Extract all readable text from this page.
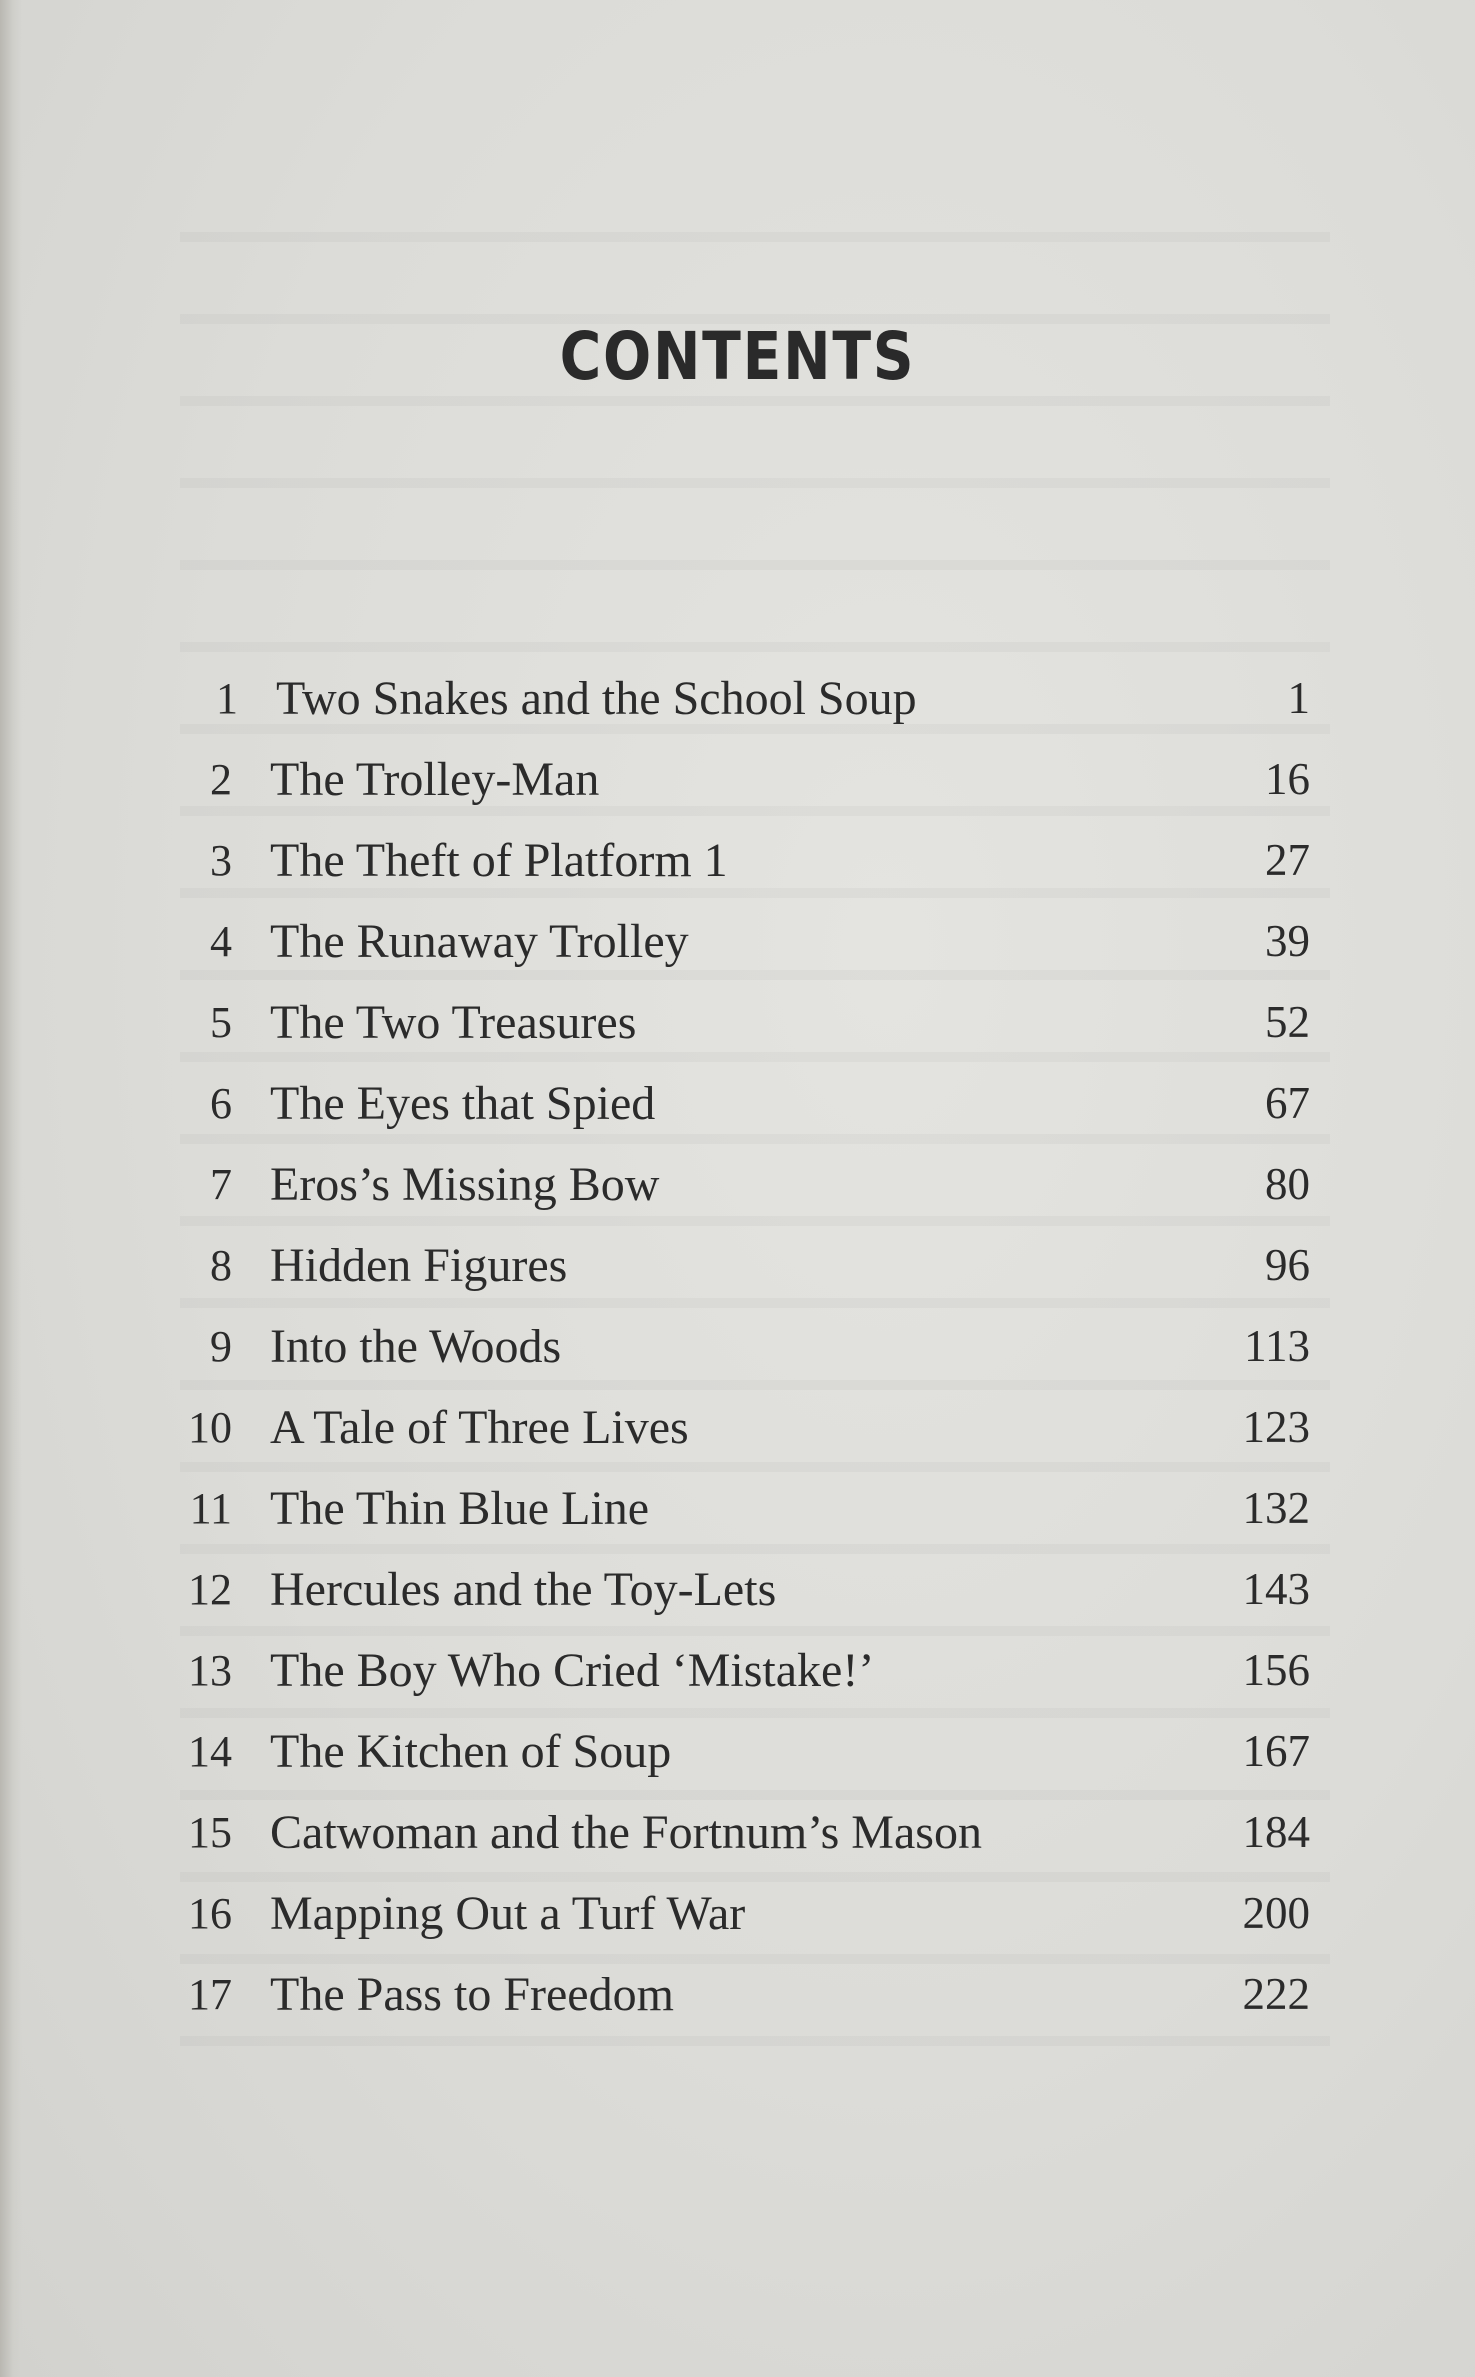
CONTENTS
1 Two Snakes and the School Soup	1
2 The Trolley-Man	16
3 The Theft of Platform 1	27
4 The Runaway Trolley	39
5 The Two Treasures	52
6 The Eyes that Spied	67
7 Eros’s Missing Bow	80
8 Hidden Figures	96
9 Into the Woods	113
10 A Tale of Three Lives	123
11 The Thin Blue Line	132
12 Hercules and the Toy-Lets	143
13 The Boy Who Cried ‘Mistake!’	156
14 The Kitchen of Soup	167
15 Catwoman and the Fortnum’s Mason	184
16 Mapping Out a Turf War	200
17 The Pass to Freedom	222
